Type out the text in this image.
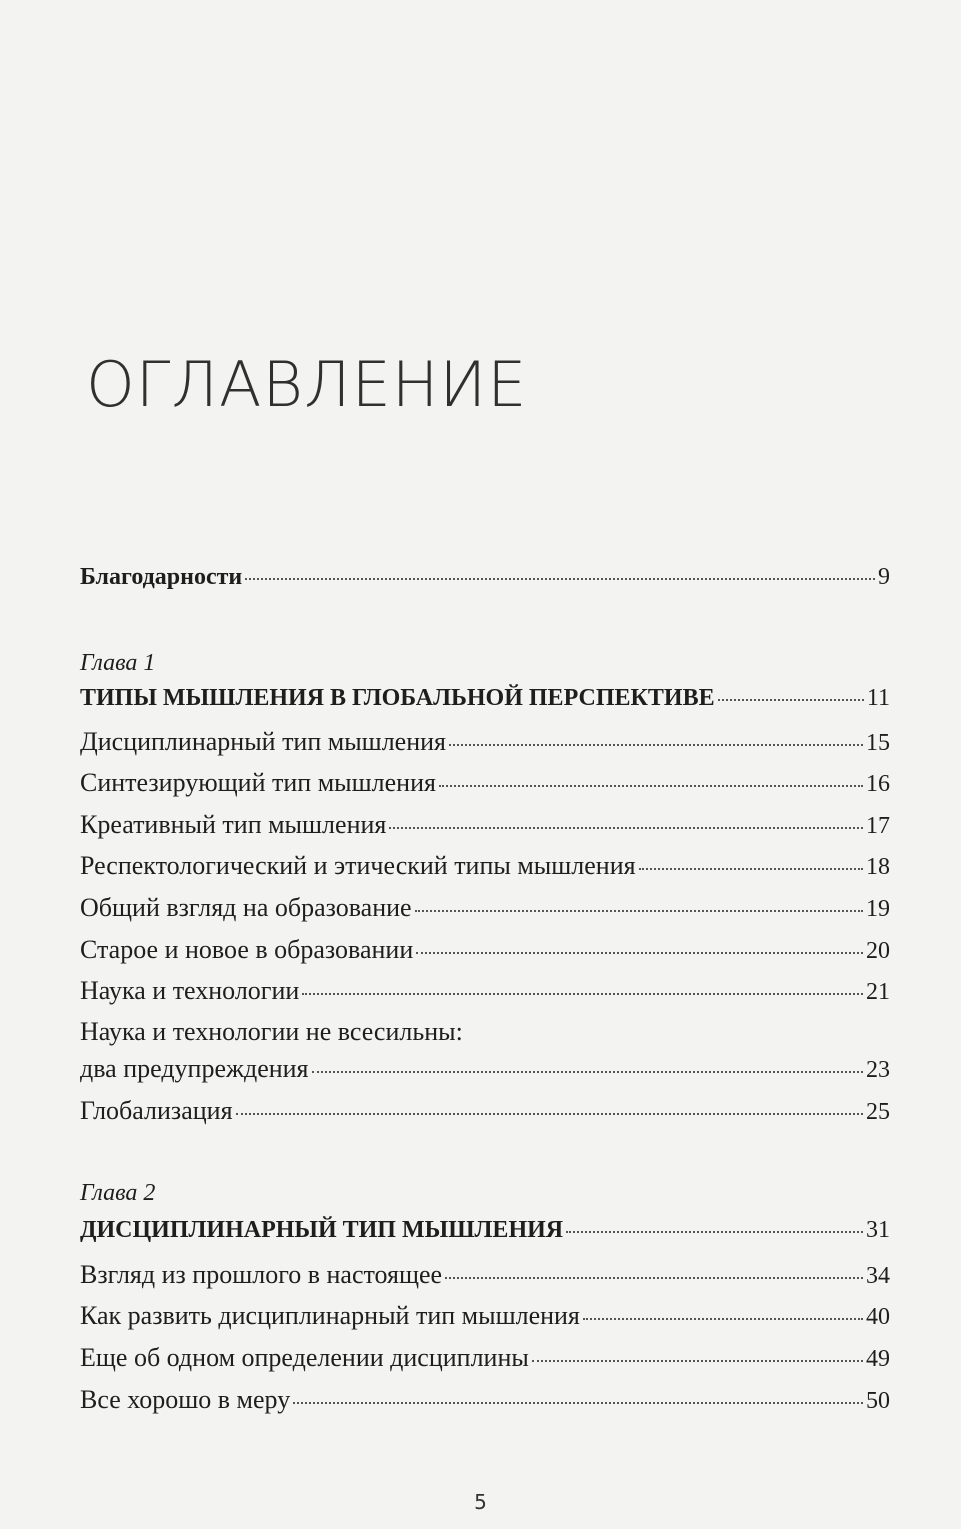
ОГЛАВЛЕНИЕ
Благодарности	9
Глава 1
ТИПЫ МЫШЛЕНИЯ В ГЛОБАЛЬНОЙ ПЕРСПЕКТИВЕ	11
Дисциплинарный тип мышления	15
Синтезирующий тип мышления	16
Креативный тип мышления	17
Респектологический и этический типы мышления	18
Общий взгляд на образование	19
Старое и новое в образовании	20
Наука и технологии	21
Наука и технологии не всесильны:
два предупреждения	23
Глобализация	25
Глава 2
ДИСЦИПЛИНАРНЫЙ ТИП МЫШЛЕНИЯ	31
Взгляд из прошлого в настоящее	34
Как развить дисциплинарный тип мышления	40
Еще об одном определении дисциплины	49
Все хорошо в меру	50
5
